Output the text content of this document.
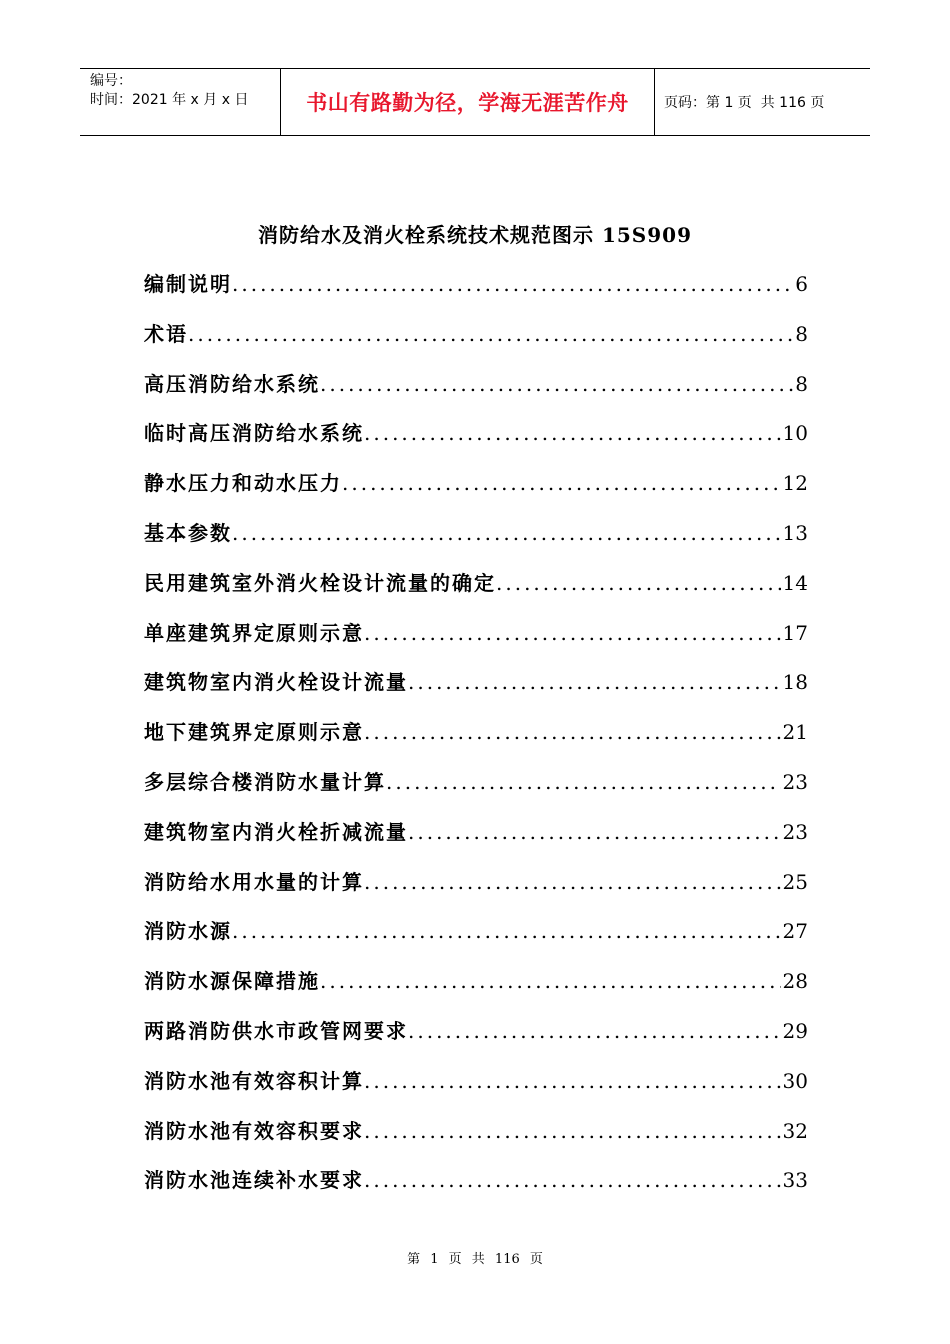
编号：
时间：2021 年 x 月 x 日	书山有路勤为径，学海无涯苦作舟	页码：第 1 页  共 116 页
消防给水及消火栓系统技术规范图示 15S909
编制说明 .....	6
术语 .....	8
高压消防给水系统 .....	8
临时高压消防给水系统 .....	10
静水压力和动水压力 .....	12
基本参数 .....	13
民用建筑室外消火栓设计流量的确定 .....	14
单座建筑界定原则示意 .....	17
建筑物室内消火栓设计流量 .....	18
地下建筑界定原则示意 .....	21
多层综合楼消防水量计算 .....	23
建筑物室内消火栓折减流量 .....	23
消防给水用水量的计算 .....	25
消防水源 .....	27
消防水源保障措施 .....	28
两路消防供水市政管网要求 .....	29
消防水池有效容积计算 .....	30
消防水池有效容积要求 .....	32
消防水池连续补水要求 .....	33
第 1 页 共 116 页
